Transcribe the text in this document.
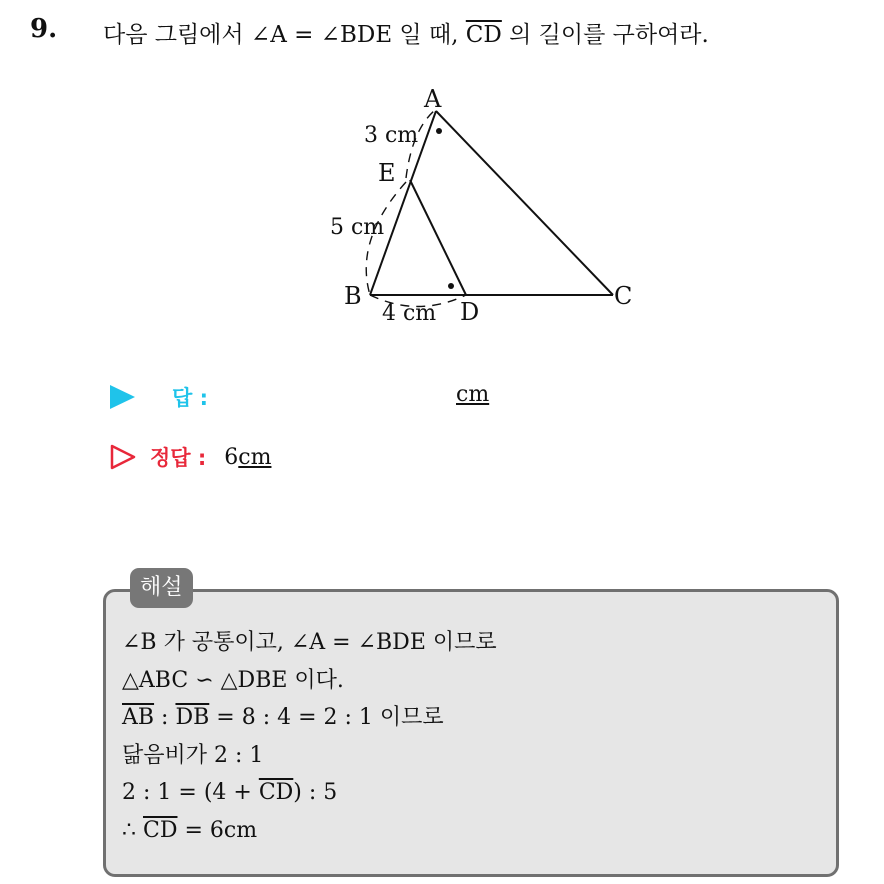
9. 다음 그림에서 ∠A = ∠BDE 일 때, $\overline{CD}$ 의 길이를 구하여라.
A
E
B
D
C
3 cm
5 cm
4 cm
답 :	cm
정답 : 6cm
해설
∠B 가 공통이고, ∠A = ∠BDE 이므로
△ABC ∽ △DBE 이다.
$\overline{AB}$ : $\overline{DB} = 8$ : 4 = 2 : 1 이므로
닮음비가 2 : 1
2 : $1 = (4 + \overline{CD})$ : 5
∴ $\overline{CD} = 6cm$
